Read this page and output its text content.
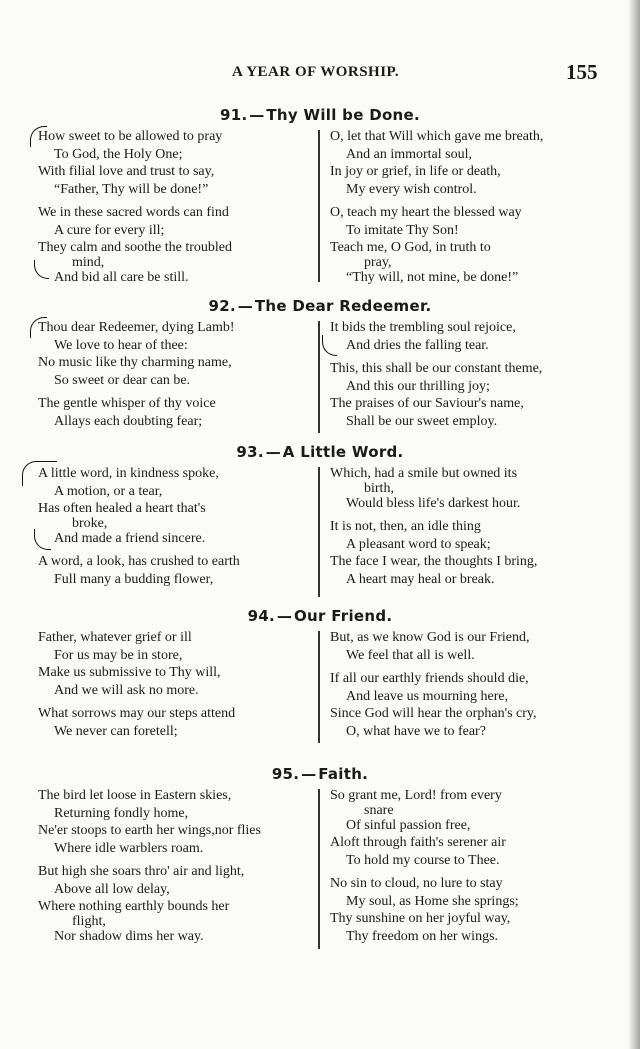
A YEAR OF WORSHIP.	155
91. — Thy Will be Done.
How sweet to be allowed to pray
To God, the Holy One;
With filial love and trust to say,
“Father, Thy will be done!”
We in these sacred words can find
A cure for every ill;
They calm and soothe the troubled
mind,
And bid all care be still.
O, let that Will which gave me breath,
And an immortal soul,
In joy or grief, in life or death,
My every wish control.
O, teach my heart the blessed way
To imitate Thy Son!
Teach me, O God, in truth to
pray,
“Thy will, not mine, be done!”
92. — The Dear Redeemer.
Thou dear Redeemer, dying Lamb!
We love to hear of thee:
No music like thy charming name,
So sweet or dear can be.
The gentle whisper of thy voice
Allays each doubting fear;
It bids the trembling soul rejoice,
And dries the falling tear.
This, this shall be our constant theme,
And this our thrilling joy;
The praises of our Saviour's name,
Shall be our sweet employ.
93. — A Little Word.
A little word, in kindness spoke,
A motion, or a tear,
Has often healed a heart that's
broke,
And made a friend sincere.
A word, a look, has crushed to earth
Full many a budding flower,
Which, had a smile but owned its
birth,
Would bless life's darkest hour.
It is not, then, an idle thing
A pleasant word to speak;
The face I wear, the thoughts I bring,
A heart may heal or break.
94. — Our Friend.
Father, whatever grief or ill
For us may be in store,
Make us submissive to Thy will,
And we will ask no more.
What sorrows may our steps attend
We never can foretell;
But, as we know God is our Friend,
We feel that all is well.
If all our earthly friends should die,
And leave us mourning here,
Since God will hear the orphan's cry,
O, what have we to fear?
95. — Faith.
The bird let loose in Eastern skies,
Returning fondly home,
Ne'er stoops to earth her wings,nor flies
Where idle warblers roam.
But high she soars thro' air and light,
Above all low delay,
Where nothing earthly bounds her
flight,
Nor shadow dims her way.
So grant me, Lord! from every
snare
Of sinful passion free,
Aloft through faith's serener air
To hold my course to Thee.
No sin to cloud, no lure to stay
My soul, as Home she springs;
Thy sunshine on her joyful way,
Thy freedom on her wings.
